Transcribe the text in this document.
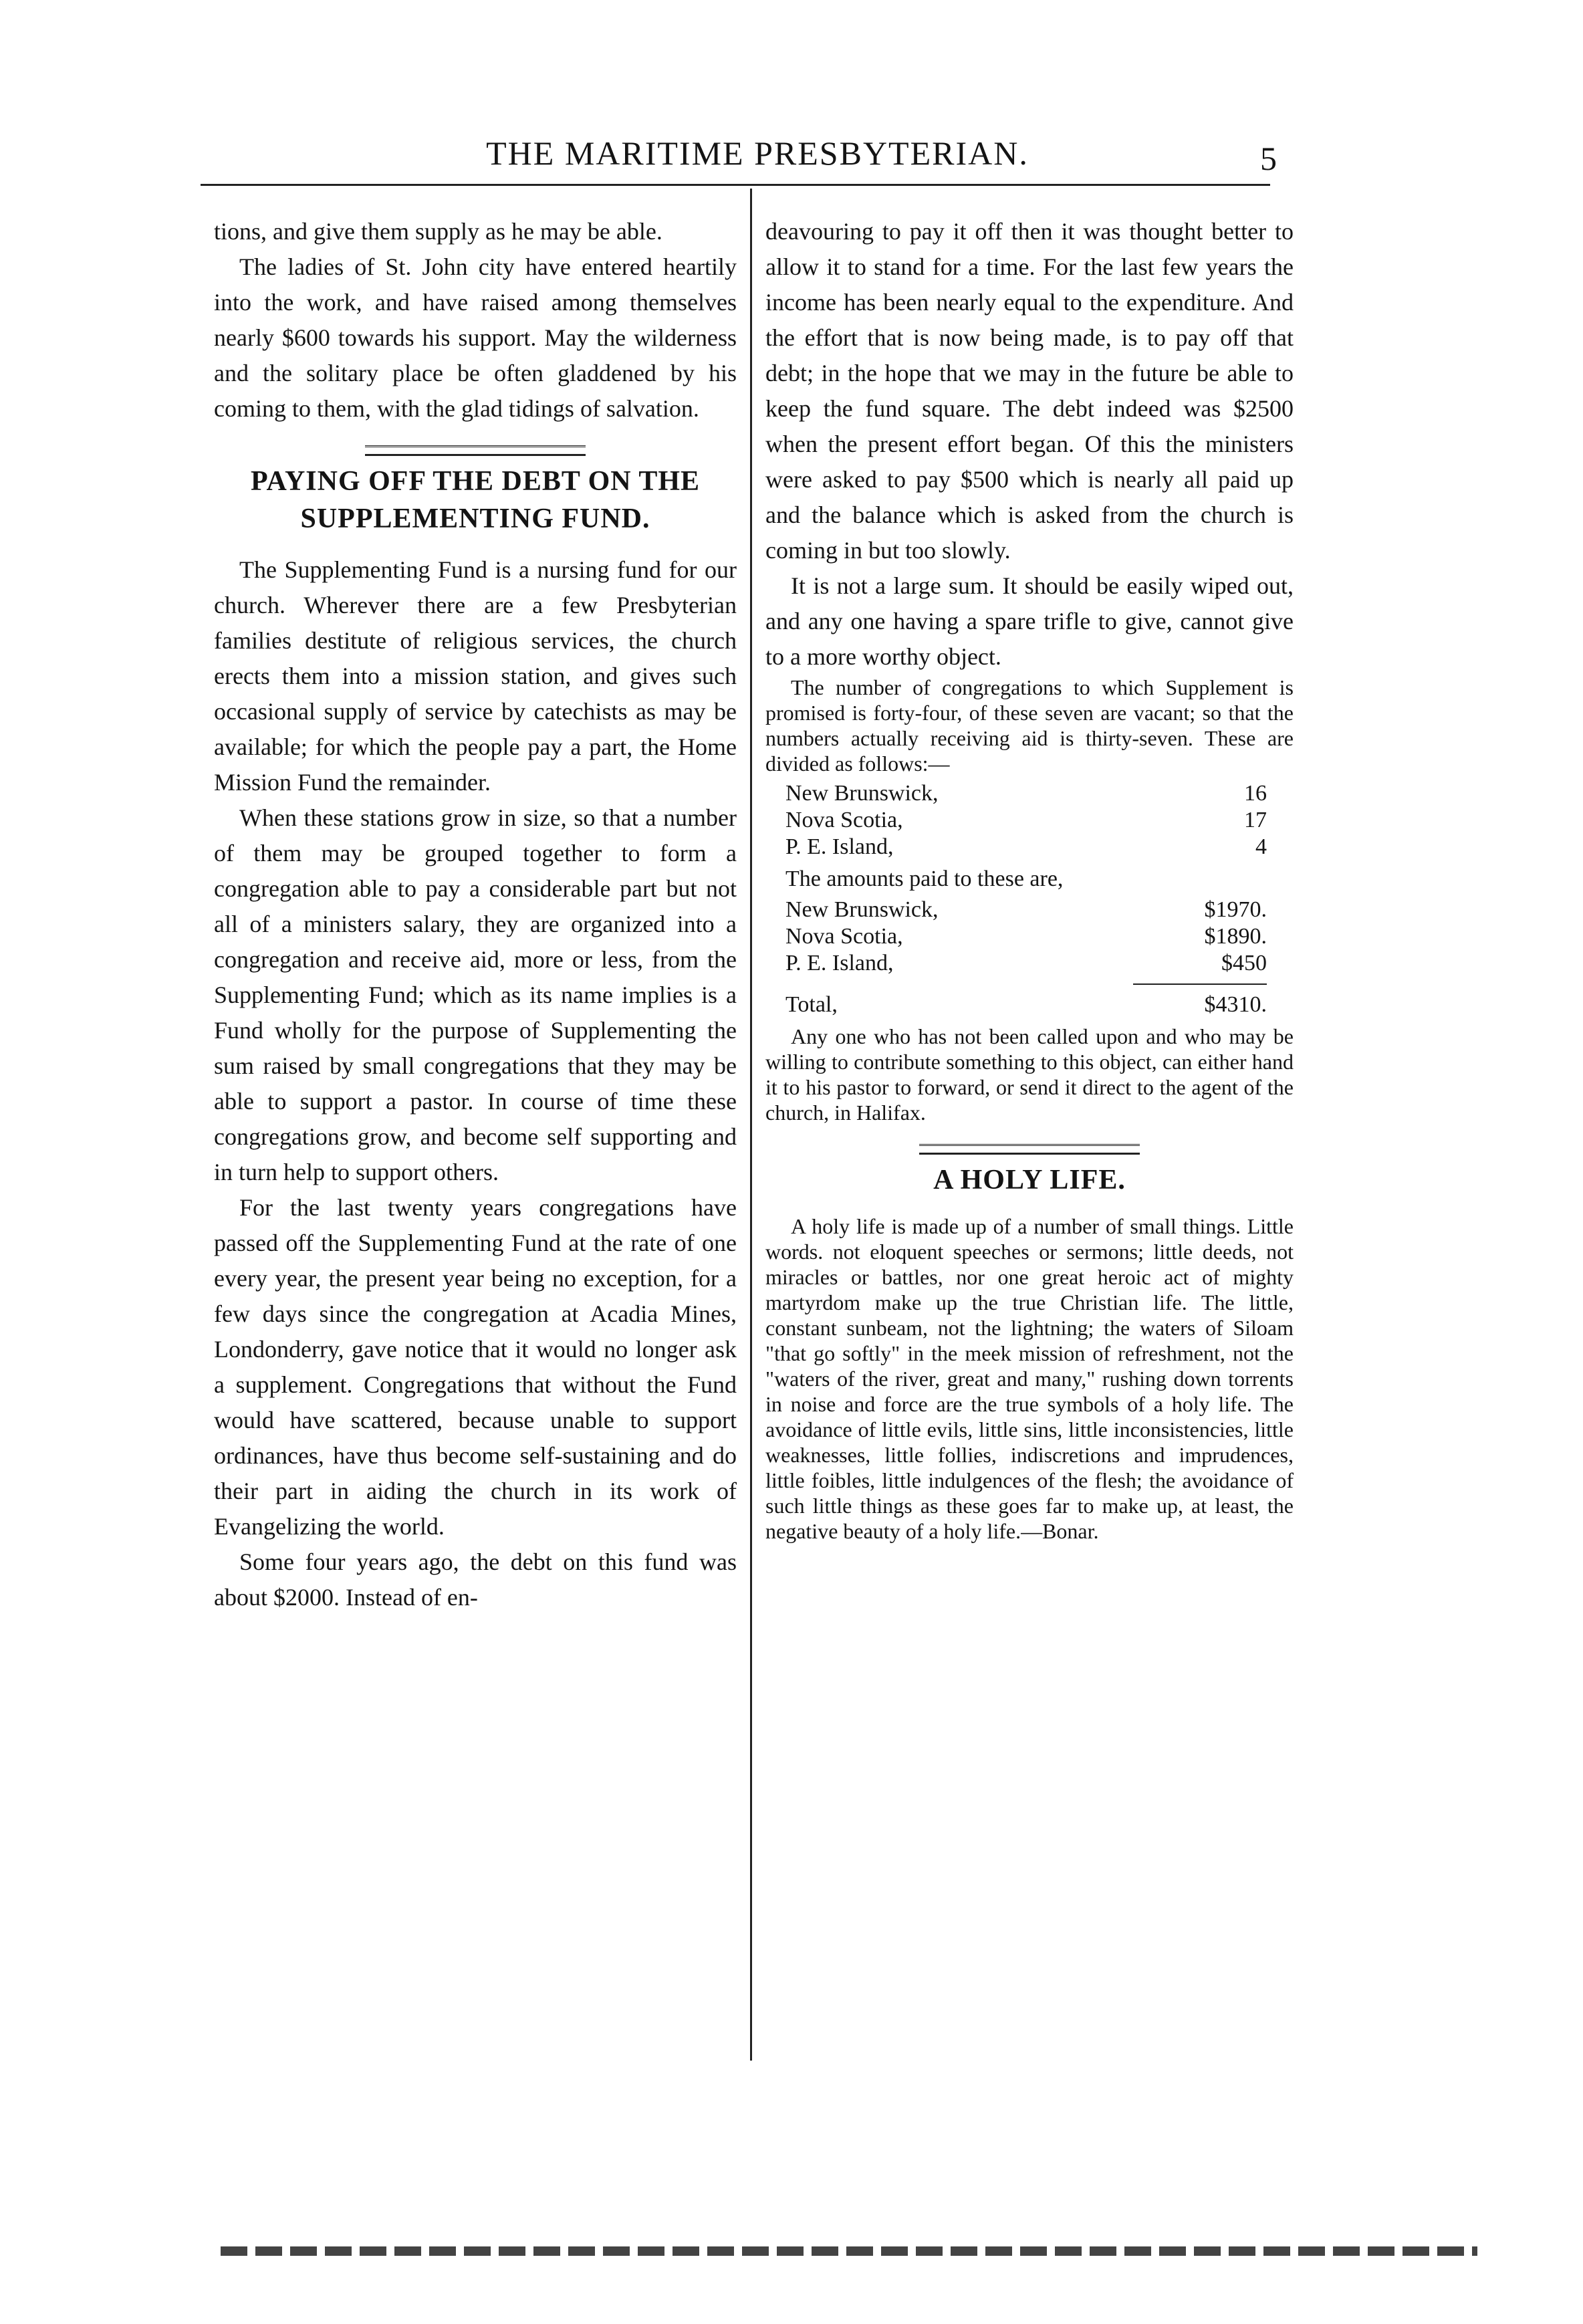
THE MARITIME PRESBYTERIAN.	5

tions, and give them supply as he may be able.

The ladies of St. John city have entered heartily into the work, and have raised among themselves nearly $600 towards his support. May the wilderness and the solitary place be often gladdened by his coming to them, with the glad tidings of salvation.

PAYING OFF THE DEBT ON THE
SUPPLEMENTING FUND.

The Supplementing Fund is a nursing fund for our church. Wherever there are a few Presbyterian families destitute of religious services, the church erects them into a mission station, and gives such occasional supply of service by catechists as may be available; for which the people pay a part, the Home Mission Fund the remainder.

When these stations grow in size, so that a number of them may be grouped together to form a congregation able to pay a considerable part but not all of a ministers salary, they are organized into a congregation and receive aid, more or less, from the Supplementing Fund; which as its name implies is a Fund wholly for the purpose of Supplementing the sum raised by small congregations that they may be able to support a pastor. In course of time these congregations grow, and become self supporting and in turn help to support others.

For the last twenty years congregations have passed off the Supplementing Fund at the rate of one every year, the present year being no exception, for a few days since the congregation at Acadia Mines, Londonderry, gave notice that it would no longer ask a supplement. Congregations that without the Fund would have scattered, because unable to support ordinances, have thus become self-sustaining and do their part in aiding the church in its work of Evangelizing the world.

Some four years ago, the debt on this fund was about $2000. Instead of en-

deavouring to pay it off then it was thought better to allow it to stand for a time. For the last few years the income has been nearly equal to the expenditure. And the effort that is now being made, is to pay off that debt; in the hope that we may in the future be able to keep the fund square. The debt indeed was $2500 when the present effort began. Of this the ministers were asked to pay $500 which is nearly all paid up and the balance which is asked from the church is coming in but too slowly.

It is not a large sum. It should be easily wiped out, and any one having a spare trifle to give, cannot give to a more worthy object.

The number of congregations to which Supplement is promised is forty-four, of these seven are vacant; so that the numbers actually receiving aid is thirty-seven. These are divided as follows:—

New Brunswick,	16
Nova Scotia,	17
P. E. Island,	4
The amounts paid to these are,
New Brunswick,	$1970.
Nova Scotia,	$1890.
P. E. Island,	$450
Total,	$4310.

Any one who has not been called upon and who may be willing to contribute something to this object, can either hand it to his pastor to forward, or send it direct to the agent of the church, in Halifax.

A HOLY LIFE.

A holy life is made up of a number of small things. Little words. not eloquent speeches or sermons; little deeds, not miracles or battles, nor one great heroic act of mighty martyrdom make up the true Christian life. The little, constant sunbeam, not the lightning; the waters of Siloam "that go softly" in the meek mission of refreshment, not the "waters of the river, great and many," rushing down torrents in noise and force are the true symbols of a holy life. The avoidance of little evils, little sins, little inconsistencies, little weaknesses, little follies, indiscretions and imprudences, little foibles, little indulgences of the flesh; the avoidance of such little things as these goes far to make up, at least, the negative beauty of a holy life.—Bonar.
